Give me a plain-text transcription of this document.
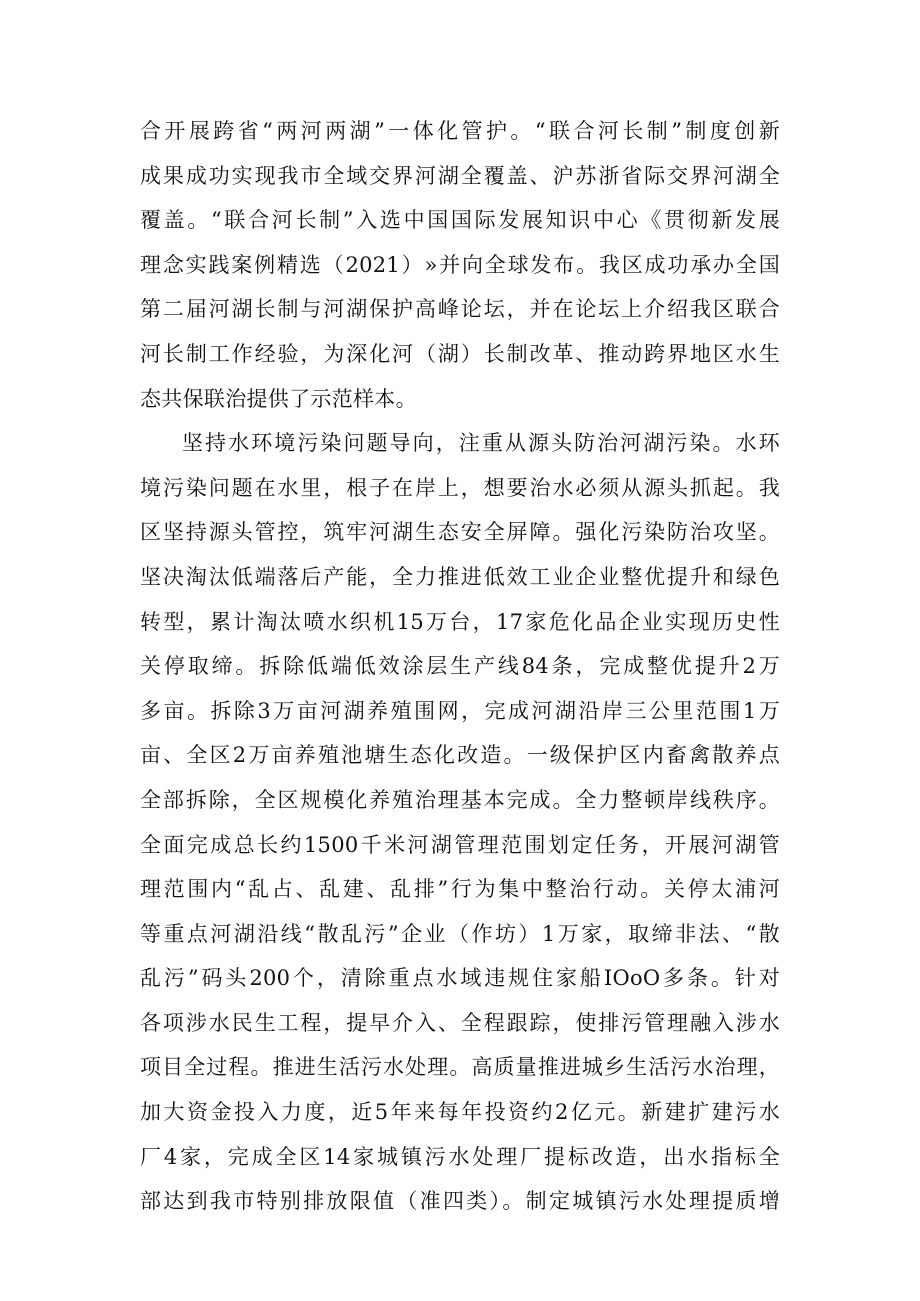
合开展跨省“两河两湖”一体化管护。“联合河长制”制度创新
成果成功实现我市全域交界河湖全覆盖、沪苏浙省际交界河湖全
覆盖。“联合河长制”入选中国国际发展知识中心《贯彻新发展
理念实践案例精选（2021）»并向全球发布。我区成功承办全国
第二届河湖长制与河湖保护高峰论坛，并在论坛上介绍我区联合
河长制工作经验，为深化河（湖）长制改革、推动跨界地区水生
态共保联治提供了示范样本。
坚持水环境污染问题导向，注重从源头防治河湖污染。水环
境污染问题在水里，根子在岸上，想要治水必须从源头抓起。我
区坚持源头管控，筑牢河湖生态安全屏障。强化污染防治攻坚。
坚决淘汰低端落后产能，全力推进低效工业企业整优提升和绿色
转型，累计淘汰喷水织机15万台，17家危化品企业实现历史性
关停取缔。拆除低端低效涂层生产线84条，完成整优提升2万
多亩。拆除3万亩河湖养殖围网，完成河湖沿岸三公里范围1万
亩、全区2万亩养殖池塘生态化改造。一级保护区内畜禽散养点
全部拆除，全区规模化养殖治理基本完成。全力整顿岸线秩序。
全面完成总长约1500千米河湖管理范围划定任务，开展河湖管
理范围内“乱占、乱建、乱排”行为集中整治行动。关停太浦河
等重点河湖沿线“散乱污”企业（作坊）1万家，取缔非法、“散
乱污”码头200个，清除重点水域违规住家船IOoO多条。针对
各项涉水民生工程，提早介入、全程跟踪，使排污管理融入涉水
项目全过程。推进生活污水处理。高质量推进城乡生活污水治理，
加大资金投入力度，近5年来每年投资约2亿元。新建扩建污水
厂4家，完成全区14家城镇污水处理厂提标改造，出水指标全
部达到我市特别排放限值（准四类）。制定城镇污水处理提质增
